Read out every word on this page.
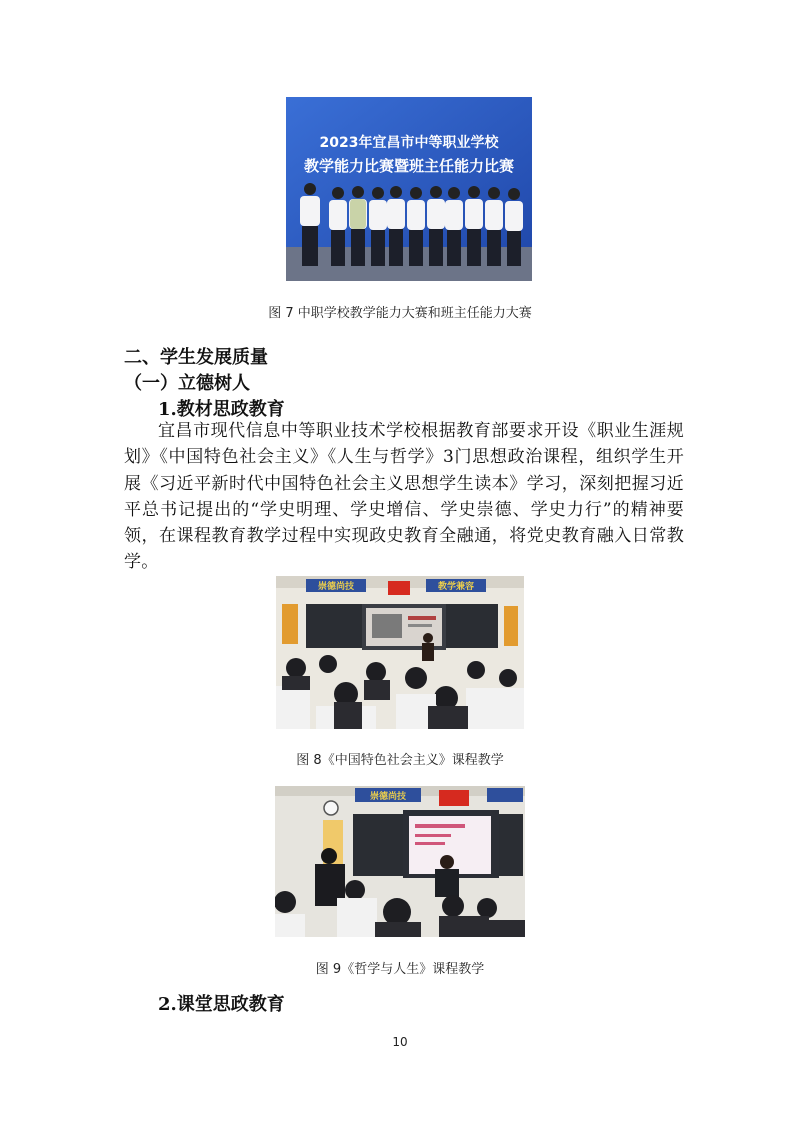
2023年宜昌市中等职业学校
教学能力比赛暨班主任能力比赛
图 7 中职学校教学能力大赛和班主任能力大赛
二、学生发展质量
（一）立德树人
1.教材思政教育
宜昌市现代信息中等职业技术学校根据教育部要求开设《职业生涯规划》《中国特色社会主义》《人生与哲学》3门思想政治课程，组织学生开展《习近平新时代中国特色社会主义思想学生读本》学习，深刻把握习近平总书记提出的“学史明理、学史增信、学史崇德、学史力行”的精神要领，在课程教育教学过程中实现政史教育全融通，将党史教育融入日常教学。
崇德尚技	教学兼容
图 8《中国特色社会主义》课程教学
崇德尚技
图 9《哲学与人生》课程教学
2.课堂思政教育
10
